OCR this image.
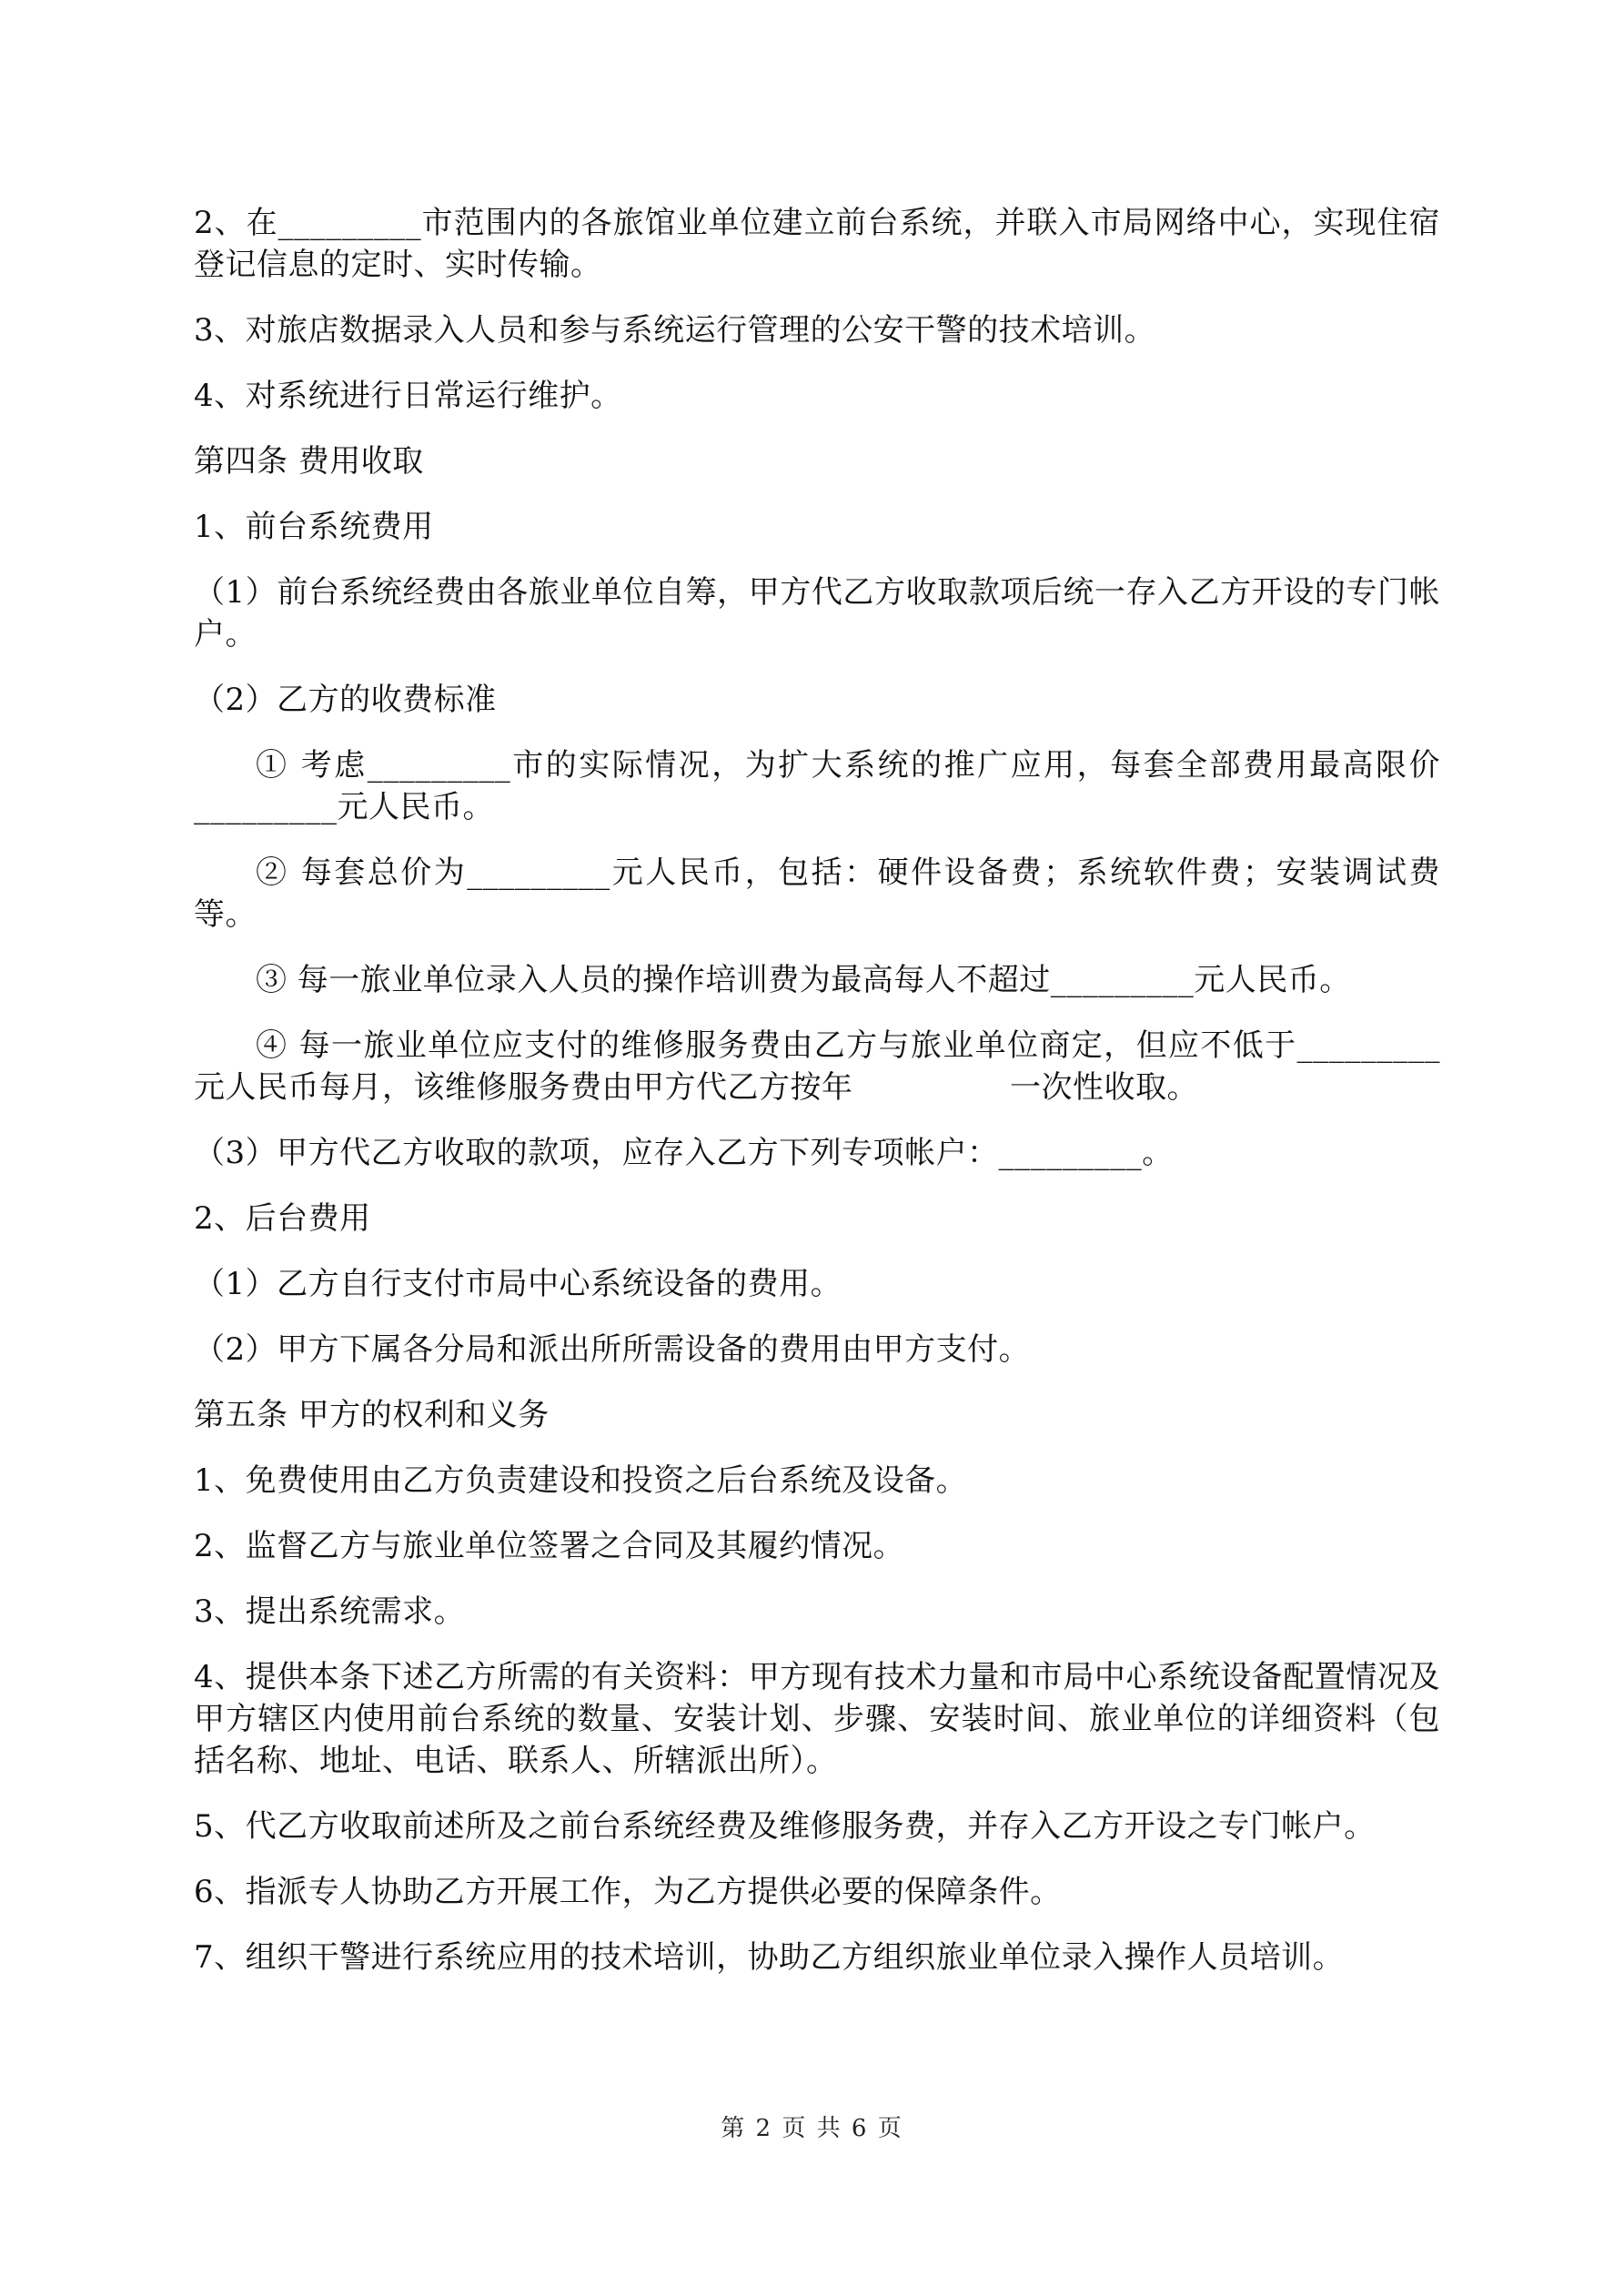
2、在_________市范围内的各旅馆业单位建立前台系统，并联入市局网络中心，实现住宿登记信息的定时、实时传输。

3、对旅店数据录入人员和参与系统运行管理的公安干警的技术培训。

4、对系统进行日常运行维护。

第四条 费用收取

1、前台系统费用

（1）前台系统经费由各旅业单位自筹，甲方代乙方收取款项后统一存入乙方开设的专门帐户。

（2）乙方的收费标准

① 考虑_________市的实际情况，为扩大系统的推广应用，每套全部费用最高限价_________元人民币。

② 每套总价为_________元人民币，包括：硬件设备费；系统软件费；安装调试费等。

③ 每一旅业单位录入人员的操作培训费为最高每人不超过_________元人民币。

④ 每一旅业单位应支付的维修服务费由乙方与旅业单位商定，但应不低于_________元人民币每月，该维修服务费由甲方代乙方按年　　　　　一次性收取。

（3）甲方代乙方收取的款项，应存入乙方下列专项帐户：_________。

2、后台费用

（1）乙方自行支付市局中心系统设备的费用。

（2）甲方下属各分局和派出所所需设备的费用由甲方支付。

第五条 甲方的权利和义务

1、免费使用由乙方负责建设和投资之后台系统及设备。

2、监督乙方与旅业单位签署之合同及其履约情况。

3、提出系统需求。

4、提供本条下述乙方所需的有关资料：甲方现有技术力量和市局中心系统设备配置情况及甲方辖区内使用前台系统的数量、安装计划、步骤、安装时间、旅业单位的详细资料（包括名称、地址、电话、联系人、所辖派出所）。

5、代乙方收取前述所及之前台系统经费及维修服务费，并存入乙方开设之专门帐户。

6、指派专人协助乙方开展工作，为乙方提供必要的保障条件。

7、组织干警进行系统应用的技术培训，协助乙方组织旅业单位录入操作人员培训。

第 2 页 共 6 页
